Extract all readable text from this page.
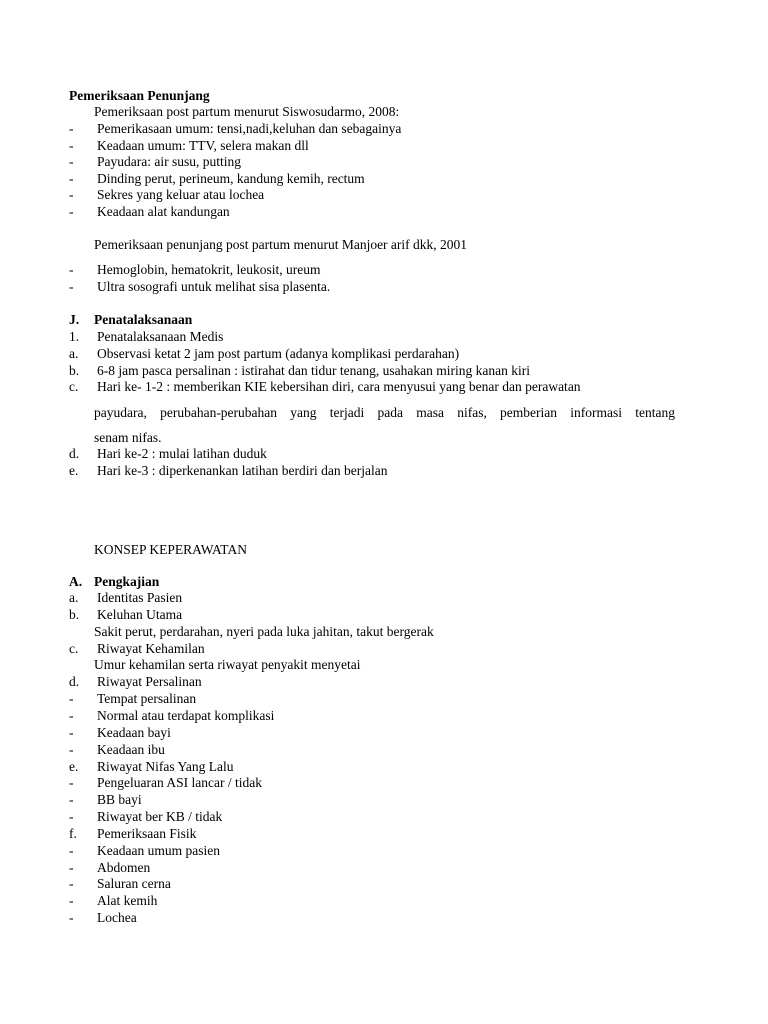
Pemeriksaan Penunjang
Pemeriksaan post partum menurut Siswosudarmo, 2008:
- Pemerikasaan umum: tensi,nadi,keluhan dan sebagainya
- Keadaan umum: TTV, selera makan dll
- Payudara: air susu, putting
- Dinding perut, perineum, kandung kemih, rectum
- Sekres yang keluar atau lochea
- Keadaan alat kandungan
Pemeriksaan penunjang post partum menurut Manjoer arif dkk, 2001
- Hemoglobin, hematokrit, leukosit, ureum
- Ultra sosografi untuk melihat sisa plasenta.
J. Penatalaksanaan
1. Penatalaksanaan Medis
a. Observasi ketat 2 jam post partum (adanya komplikasi perdarahan)
b. 6-8 jam pasca persalinan : istirahat dan tidur tenang, usahakan miring kanan kiri
c. Hari ke- 1-2 : memberikan KIE kebersihan diri, cara menyusui yang benar dan perawatan
payudara, perubahan-perubahan yang terjadi pada masa nifas, pemberian informasi tentang
senam nifas.
d. Hari ke-2 : mulai latihan duduk
e. Hari ke-3 : diperkenankan latihan berdiri dan berjalan
KONSEP KEPERAWATAN
A. Pengkajian
a. Identitas Pasien
b. Keluhan Utama
Sakit perut, perdarahan, nyeri pada luka jahitan, takut bergerak
c. Riwayat Kehamilan
Umur kehamilan serta riwayat penyakit menyetai
d. Riwayat Persalinan
- Tempat persalinan
- Normal atau terdapat komplikasi
- Keadaan bayi
- Keadaan ibu
e. Riwayat Nifas Yang Lalu
- Pengeluaran ASI lancar / tidak
- BB bayi
- Riwayat ber KB / tidak
f. Pemeriksaan Fisik
- Keadaan umum pasien
- Abdomen
- Saluran cerna
- Alat kemih
- Lochea
